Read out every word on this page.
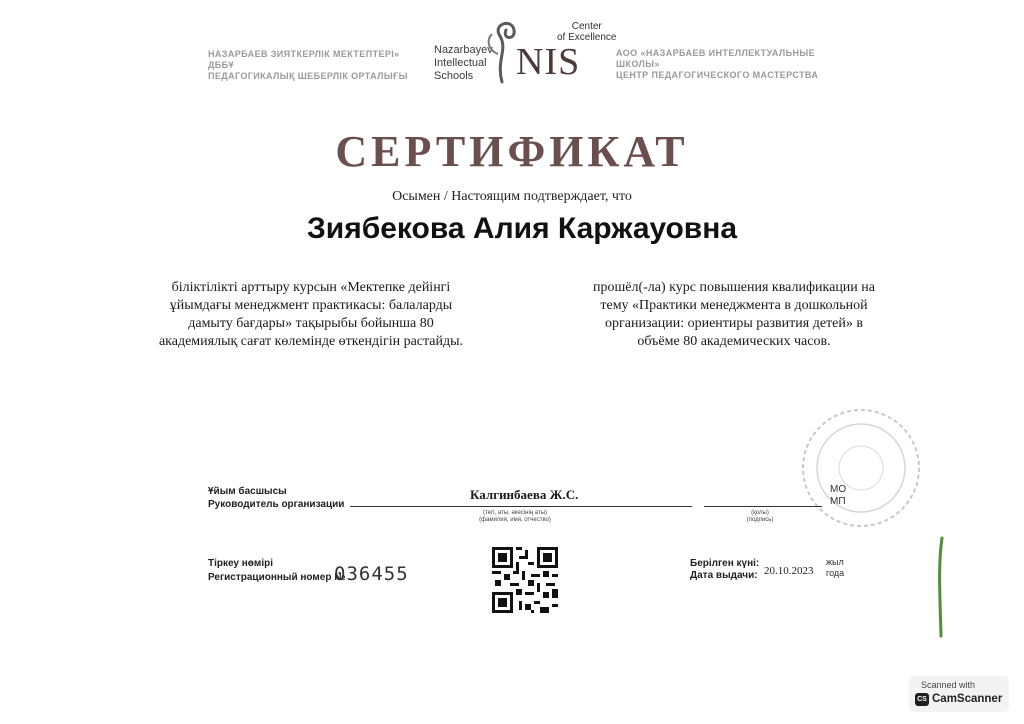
НАЗАРБАЕВ ЗИЯТКЕРЛІК МЕКТЕПТЕРІ» ДББҰ
ПЕДАГОГИКАЛЫҚ ШЕБЕРЛІК ОРТАЛЫҒЫ
Nazarbayev
Intellectual
Schools	NIS
Center
of Excellence
АОО «НАЗАРБАЕВ ИНТЕЛЛЕКТУАЛЬНЫЕ ШКОЛЫ»
ЦЕНТР ПЕДАГОГИЧЕСКОГО МАСТЕРСТВА
СЕРТИФИКАТ
Осымен / Настоящим подтверждает, что
Зиябекова Алия Каржауовна
біліктілікті арттыру курсын «Мектепке дейінгі ұйымдағы менеджмент практикасы: балаларды дамыту бағдары» тақырыбы бойынша 80 академиялық сағат көлемінде өткендігін растайды.
прошёл(-ла) курс повышения квалификации на тему «Практики менеджмента в дошкольной организации: ориентиры развития детей» в объёме 80 академических часов.
Ұйым басшысы
Руководитель организации
Калгинбаева Ж.С.
(тегі, аты, әкесінің аты)
(фамилия, имя, отчество)
(қолы)
(подпись)
МО
МП
Тіркеу нөмірі
Регистрационный номер №
036455	Берілген күні:
Дата выдачи: 20.10.2023
жыл
года
Scanned with
CS CamScanner
